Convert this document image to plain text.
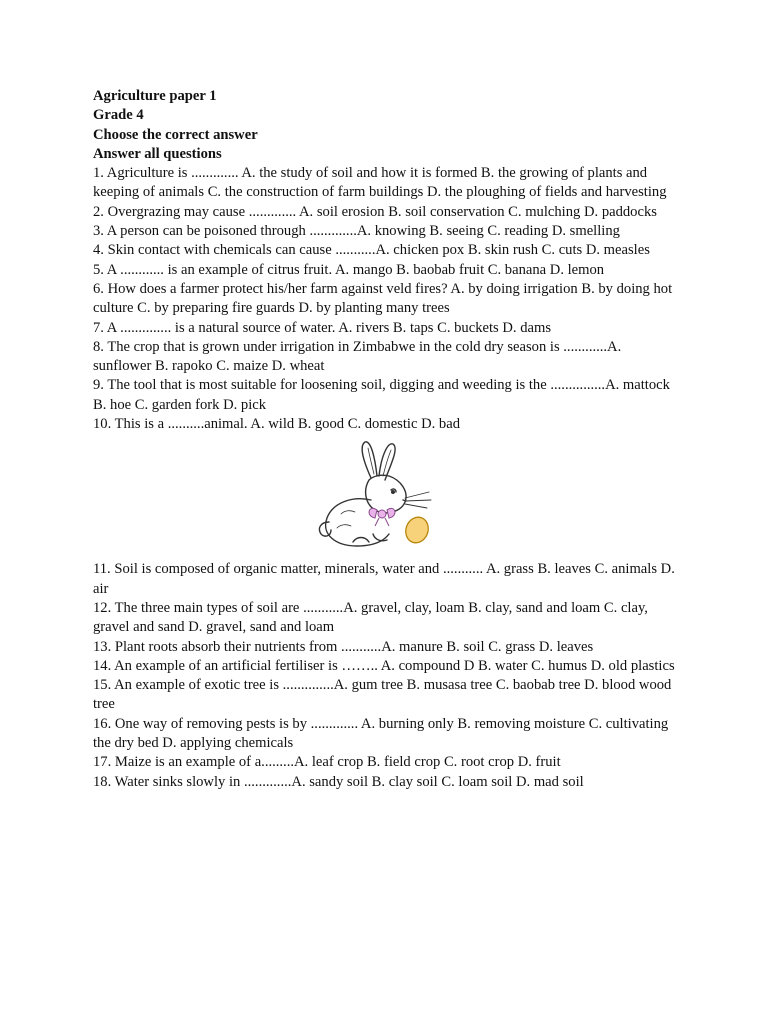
Agriculture paper 1
Grade 4
Choose the correct answer
Answer all questions

1. Agriculture is ............. A. the study of soil and how it is formed B. the growing of plants and keeping of animals C. the construction of farm buildings D. the ploughing of fields and harvesting

2. Overgrazing may cause ............. A. soil erosion B. soil conservation C. mulching D. paddocks

3. A person can be poisoned through .............A. knowing B. seeing C. reading D. smelling

4. Skin contact with chemicals can cause ...........A. chicken pox B. skin rush C. cuts D. measles

5. A ............ is an example of citrus fruit. A. mango B. baobab fruit C. banana D. lemon

6. How does a farmer protect his/her farm against veld fires? A. by doing irrigation B. by doing hot culture C. by preparing fire guards D. by planting many trees

7. A .............. is a natural source of water. A. rivers B. taps C. buckets D. dams

8. The crop that is grown under irrigation in Zimbabwe in the cold dry season is ............A. sunflower B. rapoko C. maize D. wheat

9. The tool that is most suitable for loosening soil, digging and weeding is the ...............A. mattock B. hoe C. garden fork D. pick

10. This is a ..........animal. A. wild B. good C. domestic D. bad

11. Soil is composed of organic matter, minerals, water and ........... A. grass B. leaves C. animals D. air

12. The three main types of soil are ...........A. gravel, clay, loam B. clay, sand and loam C. clay, gravel and sand D. gravel, sand and loam

13. Plant roots absorb their nutrients from ...........A. manure B. soil C. grass D. leaves

14. An example of an artificial fertiliser is …….. A. compound D B. water C. humus D. old plastics

15. An example of exotic tree is ..............A. gum tree B. musasa tree C. baobab tree D. blood wood tree

16. One way of removing pests is by ............. A. burning only B. removing moisture C. cultivating the dry bed D. applying chemicals

17. Maize is an example of a.........A. leaf crop B. field crop C. root crop D. fruit

18. Water sinks slowly in .............A. sandy soil B. clay soil C. loam soil D. mad soil
